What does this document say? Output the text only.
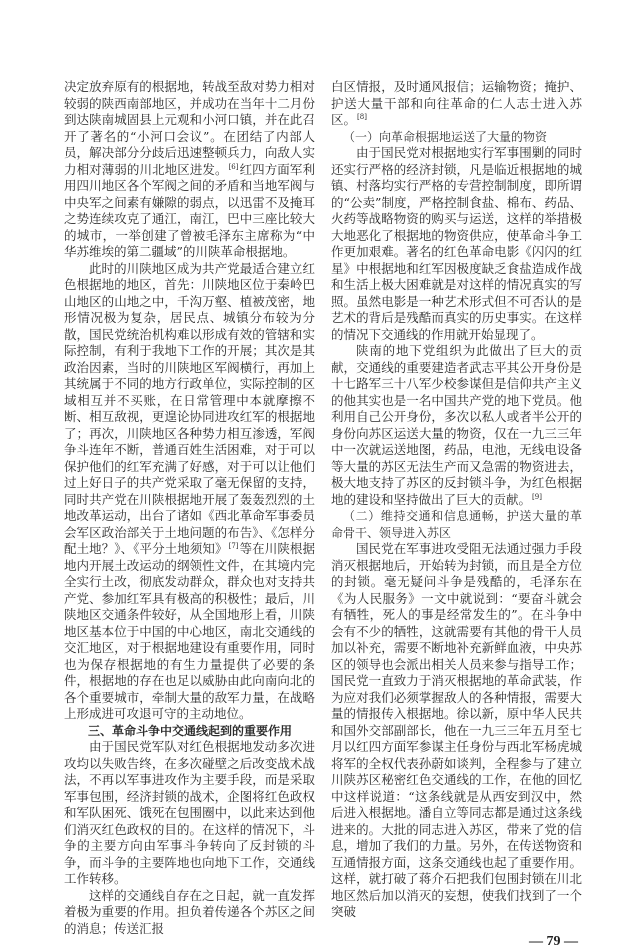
决定放弃原有的根据地，转战至敌对势力相对较弱的陕西南部地区，并成功在当年十二月份到达陕南城固县上元观和小河口镇，并在此召开了著名的“小河口会议”。在团结了内部人员，解决部分分歧后迅速整顿兵力，向敌人实力相对薄弱的川北地区进发。[6]红四方面军利用四川地区各个军阀之间的矛盾和当地军阀与中央军之间素有嫌隙的弱点，以迅雷不及掩耳之势连续攻克了通江，南江，巴中三座比较大的城市，一举创建了曾被毛泽东主席称为“中华苏维埃的第二疆域”的川陕革命根据地。

此时的川陕地区成为共产党最适合建立红色根据地的地区，首先：川陕地区位于秦岭巴山地区的山地之中，千沟万壑、植被茂密，地形情况极为复杂，居民点、城镇分布较为分散，国民党统治机构难以形成有效的管辖和实际控制，有利于我地下工作的开展；其次是其政治因素，当时的川陕地区军阀横行，再加上其统属于不同的地方行政单位，实际控制的区域相互并不买账，在日常管理中本就摩擦不断、相互敌视，更遑论协同进攻红军的根据地了；再次，川陕地区各种势力相互渗透，军阀争斗连年不断，普通百姓生活困难，对于可以保护他们的红军充满了好感，对于可以让他们过上好日子的共产党采取了毫无保留的支持，同时共产党在川陕根据地开展了轰轰烈烈的土地改革运动，出台了诸如《西北革命军事委员会军区政治部关于土地问题的布告》、《怎样分配土地？》、《平分土地须知》[7]等在川陕根据地内开展土改运动的纲领性文件，在其境内完全实行土改，彻底发动群众，群众也对支持共产党、参加红军具有极高的积极性；最后，川陕地区交通条件较好，从全国地形上看，川陕地区基本位于中国的中心地区，南北交通线的交汇地区，对于根据地建设有重要作用，同时也为保存根据地的有生力量提供了必要的条件，根据地的存在也足以威胁由此向南向北的各个重要城市，牵制大量的敌军力量，在战略上形成进可攻退可守的主动地位。

三、革命斗争中交通线起到的重要作用

由于国民党军队对红色根据地发动多次进攻均以失败告终，在多次碰壁之后改变战术战法，不再以军事进攻作为主要手段，而是采取军事包围，经济封锁的战术，企图将红色政权和军队困死、饿死在包围圈中，以此来达到他们消灭红色政权的目的。在这样的情况下，斗争的主要方向由军事斗争转向了反封锁的斗争，而斗争的主要阵地也向地下工作，交通线工作转移。

这样的交通线自存在之日起，就一直发挥着极为重要的作用。担负着传递各个苏区之间的消息；传送汇报

白区情报，及时通风报信；运输物资；掩护、护送大量干部和向往革命的仁人志士进入苏区。[8]

（一）向革命根据地运送了大量的物资

由于国民党对根据地实行军事围剿的同时还实行严格的经济封锁，凡是临近根据地的城镇、村落均实行严格的专营控制制度，即所谓的“公卖”制度，严格控制食盐、棉布、药品、火药等战略物资的购买与运送，这样的举措极大地恶化了根据地的物资供应，使革命斗争工作更加艰难。著名的红色革命电影《闪闪的红星》中根据地和红军因极度缺乏食盐造成作战和生活上极大困难就是对这样的情况真实的写照。虽然电影是一种艺术形式但不可否认的是艺术的背后是残酷而真实的历史事实。在这样的情况下交通线的作用就开始显现了。

陕南的地下党组织为此做出了巨大的贡献，交通线的重要建造者武志平其公开身份是十七路军三十八军少校参谋但是信仰共产主义的他其实也是一名中国共产党的地下党员。他利用自己公开身份，多次以私人或者半公开的身份向苏区运送大量的物资，仅在一九三三年中一次就运送地图，药品，电池，无线电设备等大量的苏区无法生产而又急需的物资进去，极大地支持了苏区的反封锁斗争，为红色根据地的建设和坚持做出了巨大的贡献。[9]

（二）维持交通和信息通畅，护送大量的革命骨干、领导进入苏区

国民党在军事进攻受阻无法通过强力手段消灭根据地后，开始转为封锁，而且是全方位的封锁。毫无疑问斗争是残酷的，毛泽东在《为人民服务》一文中就说到：“要奋斗就会有牺牲，死人的事是经常发生的”。在斗争中会有不少的牺牲，这就需要有其他的骨干人员加以补充，需要不断地补充新鲜血液，中央苏区的领导也会派出相关人员来参与指导工作；国民党一直致力于消灭根据地的革命武装，作为应对我们必须掌握敌人的各种情报，需要大量的情报传入根据地。徐以新，原中华人民共和国外交部副部长，他在一九三三年五月至七月以红四方面军参谋主任身份与西北军杨虎城将军的全权代表孙蔚如谈判，全程参与了建立川陕苏区秘密红色交通线的工作，在他的回忆中这样说道：“这条线就是从西安到汉中，然后进入根据地。潘自立等同志都是通过这条线进来的。大批的同志进入苏区，带来了党的信息，增加了我们的力量。另外，在传送物资和互通情报方面，这条交通线也起了重要作用。这样，就打破了蒋介石把我们包围封锁在川北地区然后加以消灭的妄想，使我们找到了一个突破

— 79 —
